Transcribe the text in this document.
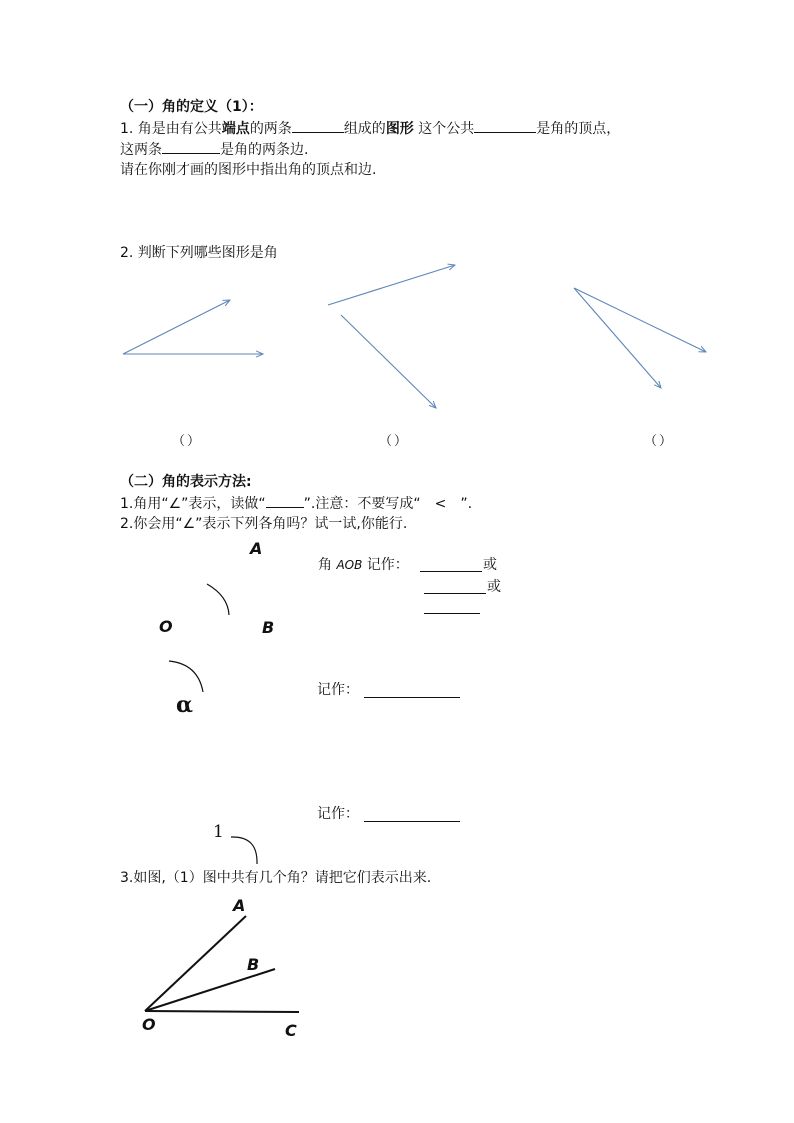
（一）角的定义（1）：
1. 角是由有公共端点的两条	组成的图形 这个公共	是角的顶点，
这两条	是角的两条边.
请在你刚才画的图形中指出角的顶点和边.
2. 判断下列哪些图形是角
（）	（）	（）
（二）角的表示方法:
1.角用“∠”表示，读做“	”.注意：不要写成“　<　”.
2.你会用“∠”表示下列各角吗？试一试,你能行.
A
O	B
α
1
角 AOB 记作：	或
或
记作：
记作：
3.如图,（1）图中共有几个角？请把它们表示出来.
A
B
O	C
